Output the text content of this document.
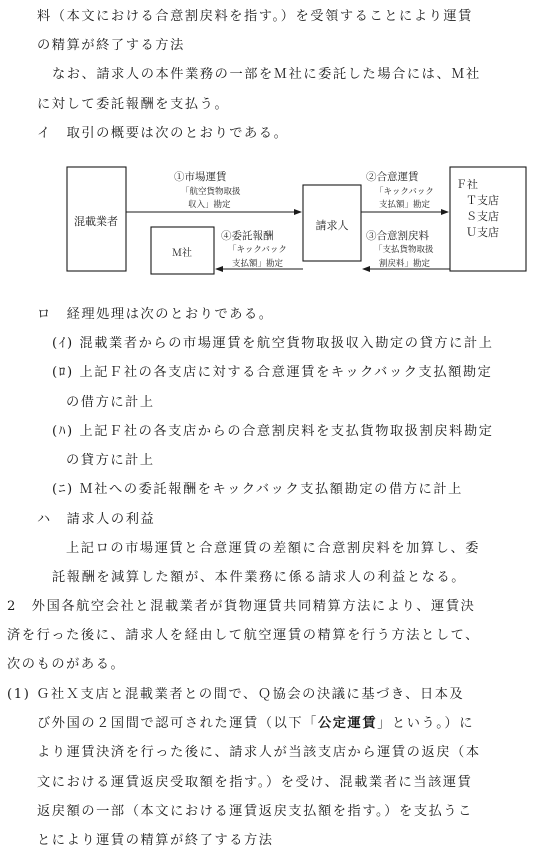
料（本文における合意割戻料を指す。）を受領することにより運賃
の精算が終了する方法
なお、請求人の本件業務の一部をＭ社に委託した場合には、Ｍ社
に対して委託報酬を支払う。
イ　取引の概要は次のとおりである。
混載業者	請求人
Ｍ社
Ｆ社
Ｔ支店
Ｓ支店
Ｕ支店
①市場運賃
「航空貨物取扱
収入」勘定
②合意運賃
「キックバック
支払額」勘定
③合意割戻料
「支払貨物取扱
割戻料」勘定
④委託報酬
「キックバック
支払額」勘定
ロ　経理処理は次のとおりである。
(ｲ) 混載業者からの市場運賃を航空貨物取扱収入勘定の貸方に計上
(ﾛ) 上記Ｆ社の各支店に対する合意運賃をキックバック支払額勘定
の借方に計上
(ﾊ) 上記Ｆ社の各支店からの合意割戻料を支払貨物取扱割戻料勘定
の貸方に計上
(ﾆ) Ｍ社への委託報酬をキックバック支払額勘定の借方に計上
ハ　請求人の利益
上記ロの市場運賃と合意運賃の差額に合意割戻料を加算し、委
託報酬を減算した額が、本件業務に係る請求人の利益となる。
2　外国各航空会社と混載業者が貨物運賃共同精算方法により、運賃決
済を行った後に、請求人を経由して航空運賃の精算を行う方法として、
次のものがある。
(1) Ｇ社Ｘ支店と混載業者との間で、Ｑ協会の決議に基づき、日本及
び外国の２国間で認可された運賃（以下「公定運賃」という。）に
より運賃決済を行った後に、請求人が当該支店から運賃の返戻（本
文における運賃返戻受取額を指す。）を受け、混載業者に当該運賃
返戻額の一部（本文における運賃返戻支払額を指す。）を支払うこ
とにより運賃の精算が終了する方法
